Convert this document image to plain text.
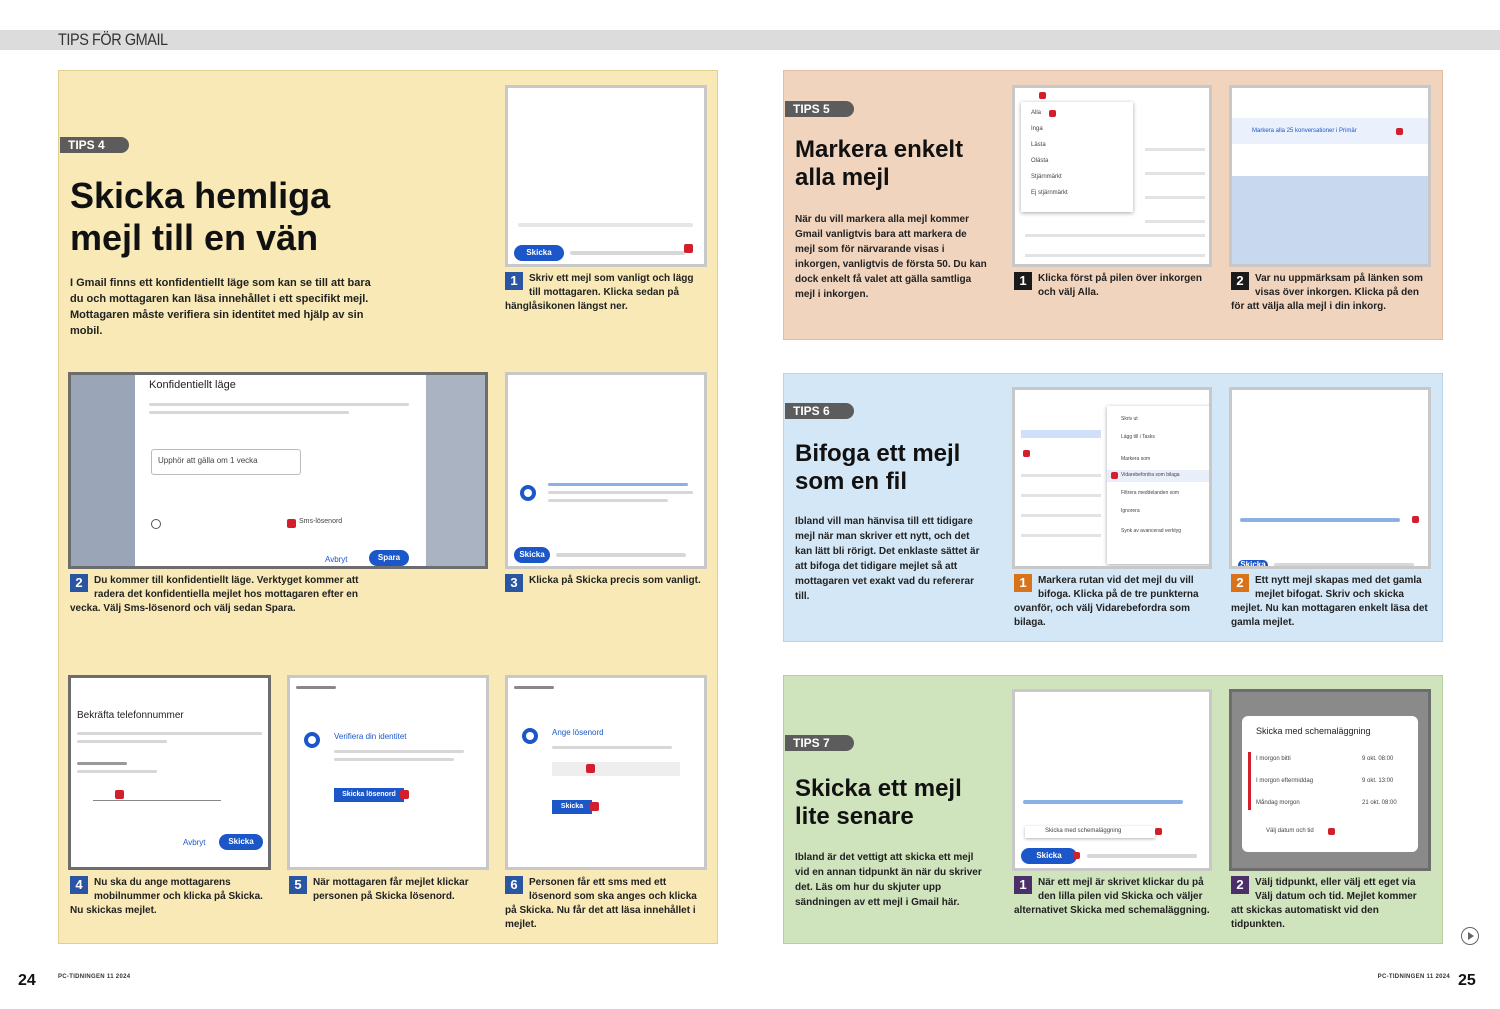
TIPS FÖR GMAIL
TIPS 4
Skicka hemliga
mejl till en vän
I Gmail finns ett konfidentiellt läge som kan se till att bara du och mottagaren kan läsa innehållet i ett specifikt mejl. Mottagaren måste verifiera sin identitet med hjälp av sin mobil.
Skicka
1	Skriv ett mejl som vanligt och lägg till mottagaren. Klicka sedan på hänglåsikonen längst ner.
Konfidentiellt läge
Upphör att gälla om 1 vecka
Sms-lösenord
Avbryt	Spara
2	Du kommer till konfidentiellt läge. Verktyget kommer att radera det konfidentiella mejlet hos mottagaren efter en vecka. Välj Sms-lösenord och välj sedan Spara.
Skicka
3	Klicka på Skicka precis som vanligt.
Bekräfta telefonnummer
Avbryt	Skicka
4	Nu ska du ange mottagarens mobilnummer och klicka på Skicka. Nu skickas mejlet.
Verifiera din identitet
Skicka lösenord
5	När mottagaren får mejlet klickar personen på Skicka lösenord.
Ange lösenord
Skicka
6	Personen får ett sms med ett lösenord som ska anges och klicka på Skicka. Nu får det att läsa innehållet i mejlet.
TIPS 5
Markera enkelt
alla mejl
När du vill markera alla mejl kommer Gmail vanligtvis bara att markera de mejl som för närvarande visas i inkorgen, vanligtvis de första 50. Du kan dock enkelt få valet att gälla samtliga mejl i inkorgen.
Alla
Inga
Lästa
Olästa
Stjärnmärkt
Ej stjärnmärkt
1	Klicka först på pilen över inkorgen och välj Alla.
Markera alla 25 konversationer i Primär
2	Var nu uppmärksam på länken som visas över inkorgen. Klicka på den för att välja alla mejl i din inkorg.
TIPS 6
Bifoga ett mejl
som en fil
Ibland vill man hänvisa till ett tidigare mejl när man skriver ett nytt, och det kan lätt bli rörigt. Det enklaste sättet är att bifoga det tidigare mejlet så att mottagaren vet exakt vad du refererar till.
Skriv ut
Lägg till i Tasks
Markera som
Vidarebefordra som bilaga
Filtrera meddelanden som
Ignorera
Synk av avancerad verktyg
1	Markera rutan vid det mejl du vill bifoga. Klicka på de tre punkterna ovanför, och välj Vidarebefordra som bilaga.
Skicka
2	Ett nytt mejl skapas med det gamla mejlet bifogat. Skriv och skicka mejlet. Nu kan mottagaren enkelt läsa det gamla mejlet.
TIPS 7
Skicka ett mejl
lite senare
Ibland är det vettigt att skicka ett mejl vid en annan tidpunkt än när du skriver det. Läs om hur du skjuter upp sändningen av ett mejl i Gmail här.
Skicka med schemaläggning
Skicka
1	När ett mejl är skrivet klickar du på den lilla pilen vid Skicka och väljer alternativet Skicka med schemaläggning.
Skicka med schemaläggning
I morgon bitti	9 okt. 08:00
I morgon eftermiddag	9 okt. 13:00
Måndag morgon	21 okt. 08:00
Välj datum och tid
2	Välj tidpunkt, eller välj ett eget via Välj datum och tid. Mejlet kommer att skickas automatiskt vid den tidpunkten.
24	PC-TIDNINGEN 11 2024	PC-TIDNINGEN 11 2024 25
